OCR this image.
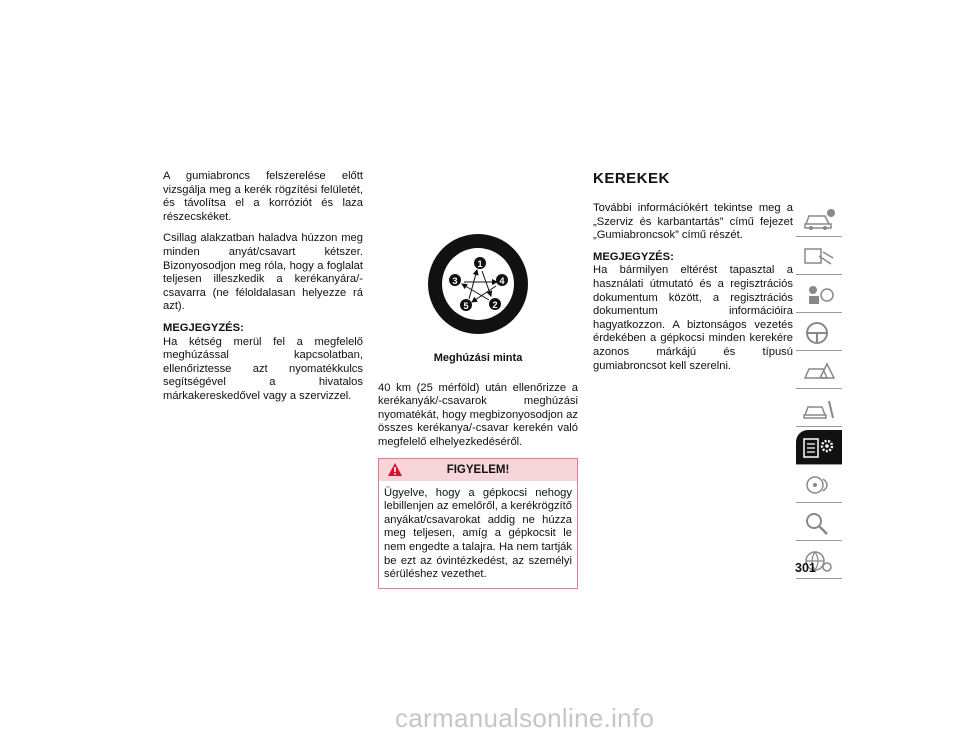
A gumiabroncs felszerelése előtt vizsgálja meg a kerék rögzítési felületét, és távolítsa el a korróziót és laza részecskéket.

Csillag alakzatban haladva húzzon meg minden anyát/csavart kétszer. Bizonyosodjon meg róla, hogy a foglalat teljesen illeszkedik a kerékanyára/-csavarra (ne féloldalasan helyezze rá azt).

MEGJEGYZÉS:

Ha kétség merül fel a megfelelő meghúzással kapcsolatban, ellenőriztesse azt nyomatékkulcs segítségével a hivatalos márkakereskedővel vagy a szervizzel.

1
2
3	4
5
Meghúzási minta

40 km (25 mérföld) után ellenőrizze a kerékanyák/-csavarok meghúzási nyomatékát, hogy megbizonyosodjon az összes kerékanya/-csavar kerekén való megfelelő elhelyezkedéséről.

FIGYELEM!
Ügyelve, hogy a gépkocsi nehogy lebillenjen az emelőről, a kerékrögzítő anyákat/csavarokat addig ne húzza meg teljesen, amíg a gépkocsit le nem engedte a talajra. Ha nem tartják be ezt az óvintézkedést, az személyi sérüléshez vezethet.
KEREKEK

További információkért tekintse meg a „Szerviz és karbantartás” című fejezet „Gumiabroncsok” című részét.

MEGJEGYZÉS:

Ha bármilyen eltérést tapasztal a használati útmutató és a regisztrációs dokumentum között, a regisztrációs dokumentum információira hagyatkozzon. A biztonságos vezetés érdekében a gépkocsi minden kerekére azonos márkájú és típusú gumiabroncsot kell szerelni.

301
carmanualsonline.info
